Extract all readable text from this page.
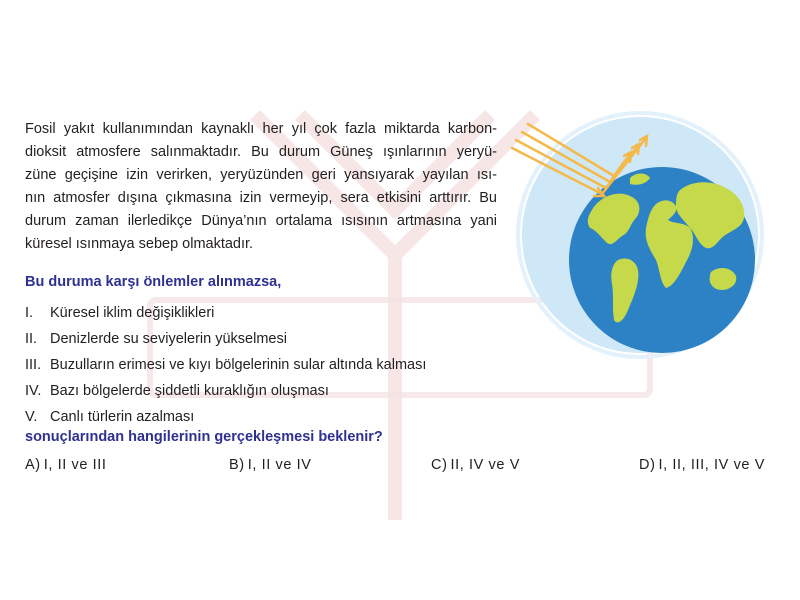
Fosil yakıt kullanımından kaynaklı her yıl çok fazla miktarda karbon-
dioksit atmosfere salınmaktadır. Bu durum Güneş ışınlarının yeryü-
züne geçişine izin verirken, yeryüzünden geri yansıyarak yayılan ısı-
nın atmosfer dışına çıkmasına izin vermeyip, sera etkisini arttırır. Bu
durum zaman ilerledikçe Dünya’nın ortalama ısısının artmasına yani
küresel ısınmaya sebep olmaktadır.
Bu duruma karşı önlemler alınmazsa,
I. Küresel iklim değişiklikleri
II. Denizlerde su seviyelerin yükselmesi
III. Buzulların erimesi ve kıyı bölgelerinin sular altında kalması
IV. Bazı bölgelerde şiddetli kuraklığın oluşması
V. Canlı türlerin azalması
sonuçlarından hangilerinin gerçekleşmesi beklenir?
A) I, II ve III	B) I, II ve IV	C) II, IV ve V	D) I, II, III, IV ve V
